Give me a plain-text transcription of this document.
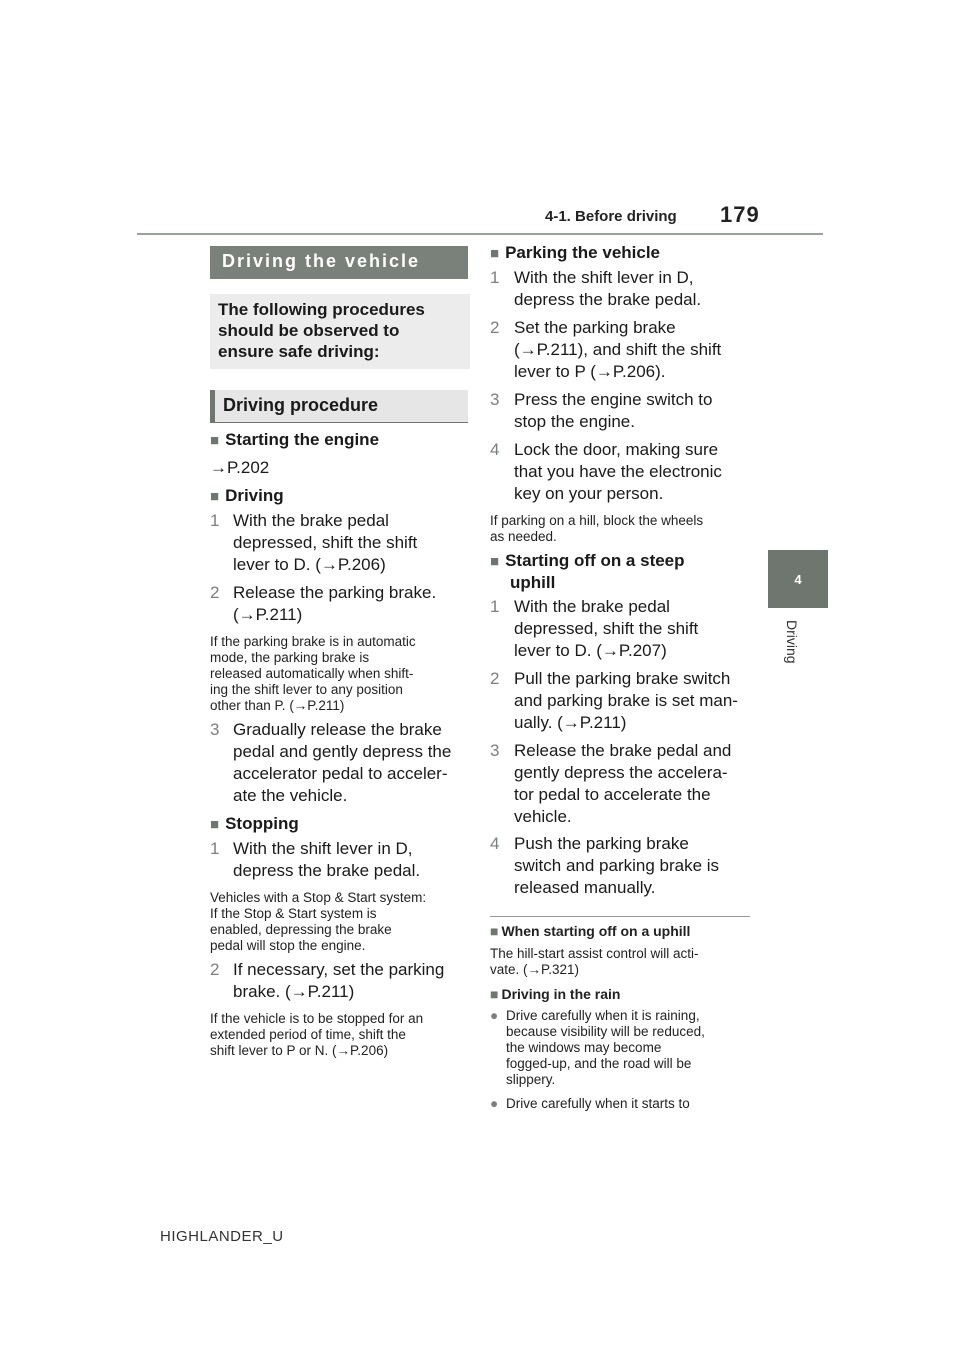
4-1. Before driving 179
4
Driving
Driving the vehicle
The following procedures
should be observed to
ensure safe driving:
Driving procedure
■ Starting the engine
→P.202
■ Driving
1 With the brake pedal
depressed, shift the shift
lever to D. (→P.206)
2 Release the parking brake.
(→P.211)
If the parking brake is in automatic
mode, the parking brake is
released automatically when shift-
ing the shift lever to any position
other than P. (→P.211)
3 Gradually release the brake
pedal and gently depress the
accelerator pedal to acceler-
ate the vehicle.
■ Stopping
1 With the shift lever in D,
depress the brake pedal.
Vehicles with a Stop & Start system:
If the Stop & Start system is
enabled, depressing the brake
pedal will stop the engine.
2 If necessary, set the parking
brake. (→P.211)
If the vehicle is to be stopped for an
extended period of time, shift the
shift lever to P or N. (→P.206)
■ Parking the vehicle
1 With the shift lever in D,
depress the brake pedal.
2 Set the parking brake
(→P.211), and shift the shift
lever to P (→P.206).
3 Press the engine switch to
stop the engine.
4 Lock the door, making sure
that you have the electronic
key on your person.
If parking on a hill, block the wheels
as needed.
■ Starting off on a steep
uphill
1 With the brake pedal
depressed, shift the shift
lever to D. (→P.207)
2 Pull the parking brake switch
and parking brake is set man-
ually. (→P.211)
3 Release the brake pedal and
gently depress the accelera-
tor pedal to accelerate the
vehicle.
4 Push the parking brake
switch and parking brake is
released manually.
■ When starting off on a uphill
The hill-start assist control will acti-
vate. (→P.321)
■ Driving in the rain
● Drive carefully when it is raining,
because visibility will be reduced,
the windows may become
fogged-up, and the road will be
slippery.
● Drive carefully when it starts to
HIGHLANDER_U
